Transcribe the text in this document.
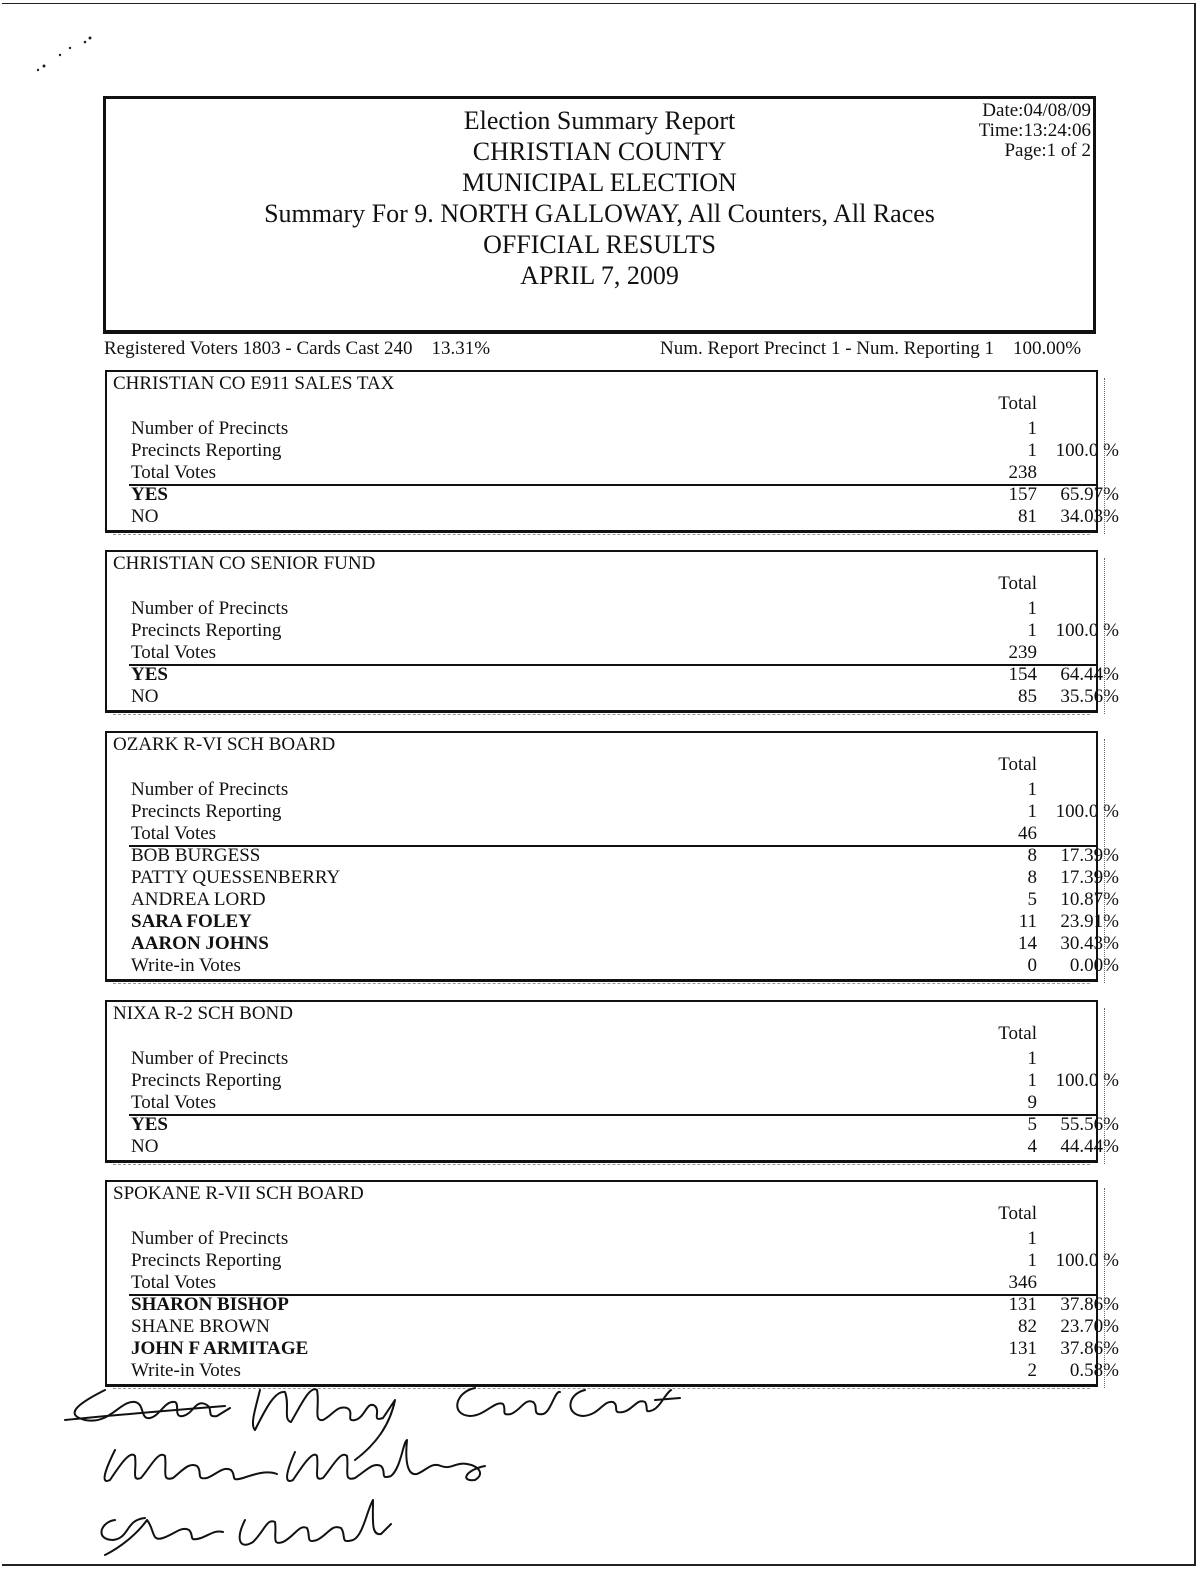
Election Summary Report
CHRISTIAN COUNTY
MUNICIPAL ELECTION
Summary For 9. NORTH GALLOWAY, All Counters, All Races
OFFICIAL RESULTS
APRIL 7, 2009
Date:04/08/09
Time:13:24:06
Page:1 of 2
Registered Voters 1803 - Cards Cast 240 13.31%	Num. Report Precinct 1 - Num. Reporting 1 100.00%
CHRISTIAN CO E911 SALES TAX
Total
Number of Precincts	1
Precincts Reporting	1 100.0 %
Total Votes	238
YES	157	65.97%
NO	81	34.03%
CHRISTIAN CO SENIOR FUND
Total
Number of Precincts	1
Precincts Reporting	1 100.0 %
Total Votes	239
YES	154	64.44%
NO	85	35.56%
OZARK R-VI SCH BOARD
Total
Number of Precincts	1
Precincts Reporting	1 100.0 %
Total Votes	46
BOB BURGESS	8	17.39%
PATTY QUESSENBERRY	8	17.39%
ANDREA LORD	5	10.87%
SARA FOLEY	11	23.91%
AARON JOHNS	14	30.43%
Write-in Votes	0	0.00%
NIXA R-2 SCH BOND
Total
Number of Precincts	1
Precincts Reporting	1 100.0 %
Total Votes	9
YES	5	55.56%
NO	4	44.44%
SPOKANE R-VII SCH BOARD
Total
Number of Precincts	1
Precincts Reporting	1 100.0 %
Total Votes	346
SHARON BISHOP	131	37.86%
SHANE BROWN	82	23.70%
JOHN F ARMITAGE	131	37.86%
Write-in Votes	2	0.58%
